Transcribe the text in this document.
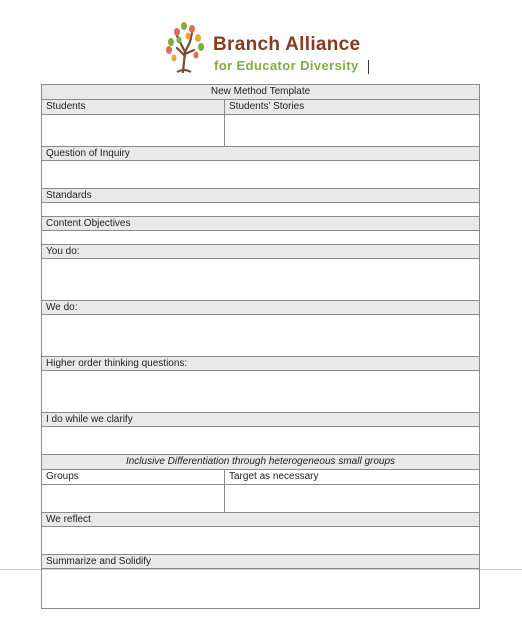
Branch Alliance
for Educator Diversity
New Method Template
Students	Students’ Stories
Question of Inquiry
Standards
Content Objectives
You do:
We do:
Higher order thinking questions:
I do while we clarify
Inclusive Differentiation through heterogeneous small groups
Groups	Target as necessary
We reflect
Summarize and Solidify
